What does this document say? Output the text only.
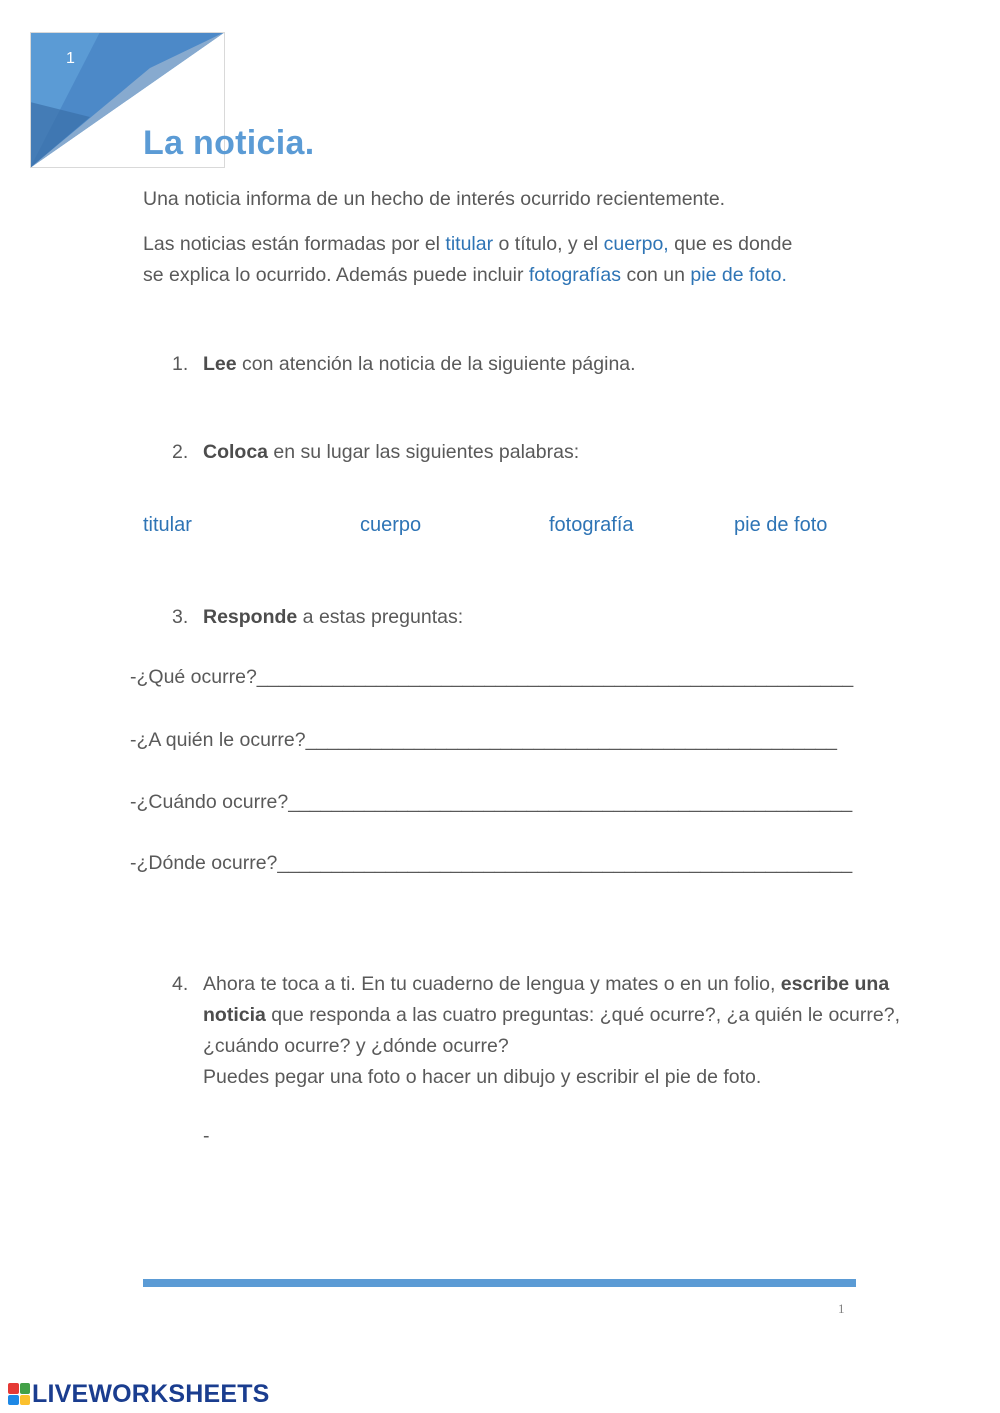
1
La noticia.
Una noticia informa de un hecho de interés ocurrido recientemente.
Las noticias están formadas por el titular o título, y el cuerpo, que es donde
se explica lo ocurrido. Además puede incluir fotografías con un pie de foto.
1. Lee con atención la noticia de la siguiente página.
2. Coloca en su lugar las siguientes palabras:
titular	cuerpo	fotografía	pie de foto
3. Responde a estas preguntas:
-¿Qué ocurre?_______________________________________________________
-¿A quién le ocurre?_________________________________________________
-¿Cuándo ocurre?____________________________________________________
-¿Dónde ocurre?_____________________________________________________
4. Ahora te toca a ti. En tu cuaderno de lengua y mates o en un folio, escribe una noticia que responda a las cuatro preguntas: ¿qué ocurre?, ¿a quién le ocurre?, ¿cuándo ocurre? y ¿dónde ocurre?
Puedes pegar una foto o hacer un dibujo y escribir el pie de foto.
-
1
LIVEWORKSHEETS
